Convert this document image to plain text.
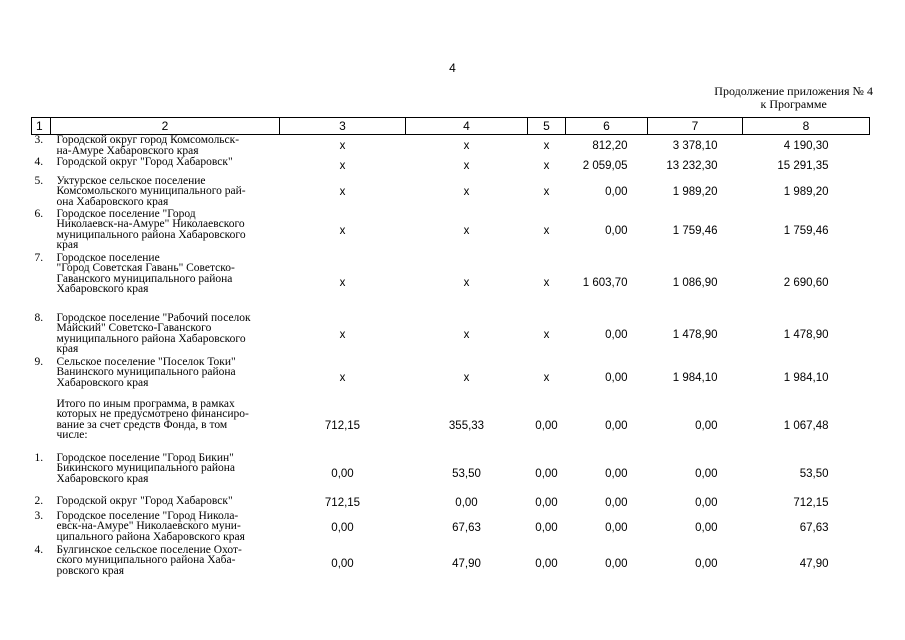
4
Продолжение приложения № 4
к Программе
1	2	3	4	5	6	7	8
3.	Городской округ город Комсомольск-
на-Амуре Хабаровского края	x	x	x	812,20	3 378,10	4 190,30
4.	Городской округ "Город Хабаровск"	x	x	x	2 059,05	13 232,30	15 291,35
5.	Уктурское сельское поселение
Комсомольского муниципального рай-
она Хабаровского края	x	x	x	0,00	1 989,20	1 989,20
6.	Городское поселение "Город
Николаевск-на-Амуре" Николаевского
муниципального района Хабаровского
края	x	x	x	0,00	1 759,46	1 759,46
7.	Городское поселение
"Город Советская Гавань" Советско-
Гаванского муниципального района
Хабаровского края	x	x	x	1 603,70	1 086,90	2 690,60
8.	Городское поселение "Рабочий поселок
Майский" Советско-Гаванского
муниципального района Хабаровского
края	x	x	x	0,00	1 478,90	1 478,90
9.	Сельское поселение "Поселок Токи"
Ванинского муниципального района
Хабаровского края	x	x	x	0,00	1 984,10	1 984,10

	Итого по иным программа, в рамках
которых не предусмотрено финансиро-
вание за счет средств Фонда, в том
числе:	712,15	355,33	0,00	0,00	0,00	1 067,48
1.	Городское поселение "Город Бикин"
Бикинского муниципального района
Хабаровского края	0,00	53,50	0,00	0,00	0,00	53,50
2.	Городской округ "Город Хабаровск"	712,15	0,00	0,00	0,00	0,00	712,15
3.	Городское поселение "Город Никола-
евск-на-Амуре" Николаевского муни-
ципального района Хабаровского края	0,00	67,63	0,00	0,00	0,00	67,63
4.	Булгинское сельское поселение Охот-
ского муниципального района Хаба-
ровского края	0,00	47,90	0,00	0,00	0,00	47,90
